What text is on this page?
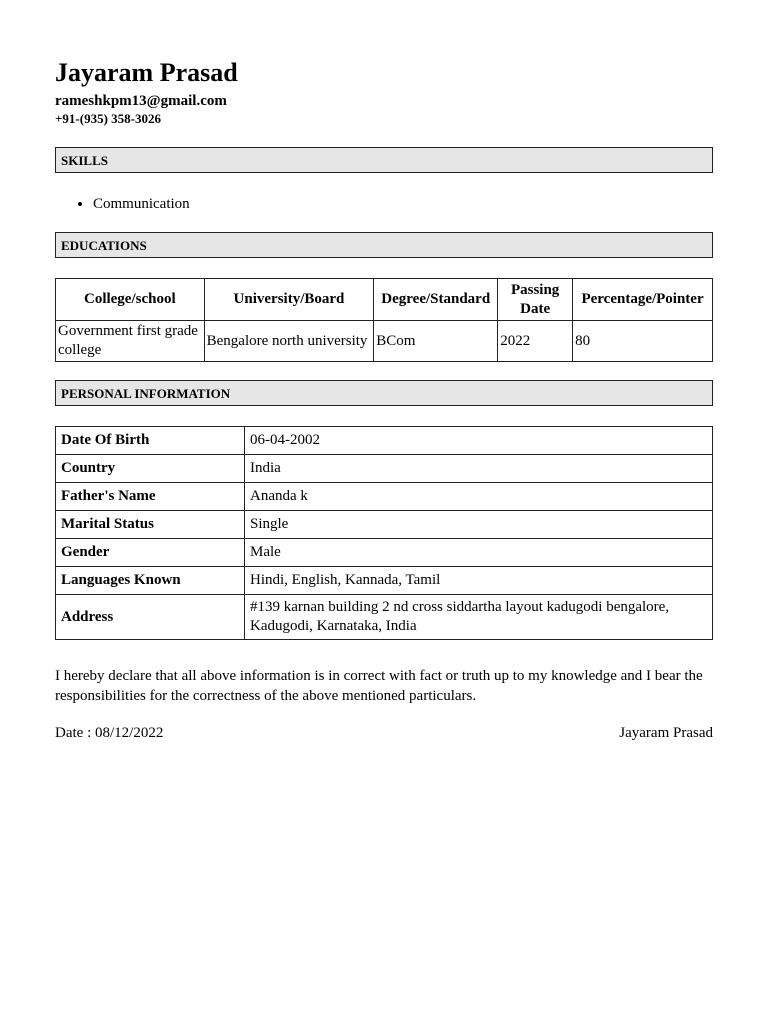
Jayaram Prasad
rameshkpm13@gmail.com
+91-(935) 358-3026
SKILLS
• Communication
EDUCATIONS
College/school	University/Board	Degree/Standard	Passing Date	Percentage/Pointer
Government first grade college	Bengalore north university	BCom	2022	80
PERSONAL INFORMATION
Date Of Birth	06-04-2002
Country	India
Father's Name	Ananda k
Marital Status	Single
Gender	Male
Languages Known	Hindi, English, Kannada, Tamil
Address	#139 karnan building 2 nd cross siddartha layout kadugodi bengalore, Kadugodi, Karnataka, India
I hereby declare that all above information is in correct with fact or truth up to my knowledge and I bear the responsibilities for the correctness of the above mentioned particulars.
Date : 08/12/2022	Jayaram Prasad
